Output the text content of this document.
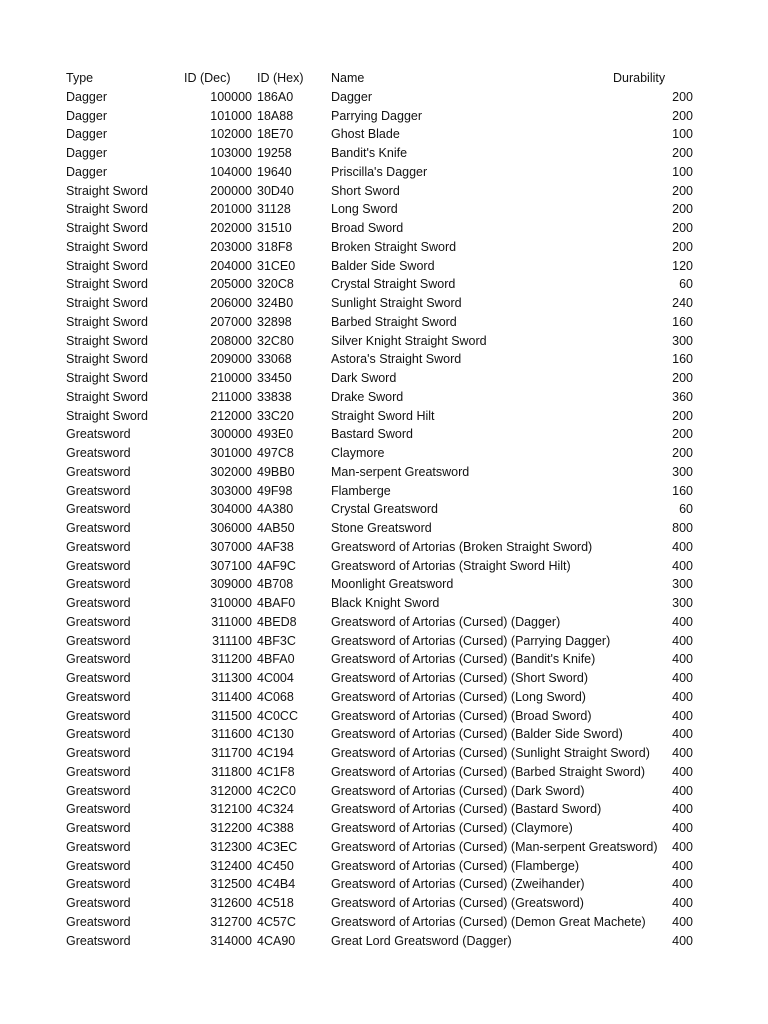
Type	ID (Dec)	ID (Hex)	Name	Durability
Dagger	100000 186A0	Dagger	200
Dagger	101000 18A88	Parrying Dagger	200
Dagger	102000 18E70	Ghost Blade	100
Dagger	103000 19258	Bandit's Knife	200
Dagger	104000 19640	Priscilla's Dagger	100
Straight Sword	200000 30D40	Short Sword	200
Straight Sword	201000 31128	Long Sword	200
Straight Sword	202000 31510	Broad Sword	200
Straight Sword	203000 318F8	Broken Straight Sword	200
Straight Sword	204000 31CE0	Balder Side Sword	120
Straight Sword	205000 320C8	Crystal Straight Sword	60
Straight Sword	206000 324B0	Sunlight Straight Sword	240
Straight Sword	207000 32898	Barbed Straight Sword	160
Straight Sword	208000 32C80	Silver Knight Straight Sword	300
Straight Sword	209000 33068	Astora's Straight Sword	160
Straight Sword	210000 33450	Dark Sword	200
Straight Sword	211000 33838	Drake Sword	360
Straight Sword	212000 33C20	Straight Sword Hilt	200
Greatsword	300000 493E0	Bastard Sword	200
Greatsword	301000 497C8	Claymore	200
Greatsword	302000 49BB0	Man-serpent Greatsword	300
Greatsword	303000 49F98	Flamberge	160
Greatsword	304000 4A380	Crystal Greatsword	60
Greatsword	306000 4AB50	Stone Greatsword	800
Greatsword	307000 4AF38	Greatsword of Artorias (Broken Straight Sword)	400
Greatsword	307100 4AF9C	Greatsword of Artorias (Straight Sword Hilt)	400
Greatsword	309000 4B708	Moonlight Greatsword	300
Greatsword	310000 4BAF0	Black Knight Sword	300
Greatsword	311000 4BED8	Greatsword of Artorias (Cursed) (Dagger)	400
Greatsword	311100 4BF3C	Greatsword of Artorias (Cursed) (Parrying Dagger)	400
Greatsword	311200 4BFA0	Greatsword of Artorias (Cursed) (Bandit's Knife)	400
Greatsword	311300 4C004	Greatsword of Artorias (Cursed) (Short Sword)	400
Greatsword	311400 4C068	Greatsword of Artorias (Cursed) (Long Sword)	400
Greatsword	311500 4C0CC	Greatsword of Artorias (Cursed) (Broad Sword)	400
Greatsword	311600 4C130	Greatsword of Artorias (Cursed) (Balder Side Sword)	400
Greatsword	311700 4C194	Greatsword of Artorias (Cursed) (Sunlight Straight Sword)	400
Greatsword	311800 4C1F8	Greatsword of Artorias (Cursed) (Barbed Straight Sword)	400
Greatsword	312000 4C2C0	Greatsword of Artorias (Cursed) (Dark Sword)	400
Greatsword	312100 4C324	Greatsword of Artorias (Cursed) (Bastard Sword)	400
Greatsword	312200 4C388	Greatsword of Artorias (Cursed) (Claymore)	400
Greatsword	312300 4C3EC	Greatsword of Artorias (Cursed) (Man-serpent Greatsword)	400
Greatsword	312400 4C450	Greatsword of Artorias (Cursed) (Flamberge)	400
Greatsword	312500 4C4B4	Greatsword of Artorias (Cursed) (Zweihander)	400
Greatsword	312600 4C518	Greatsword of Artorias (Cursed) (Greatsword)	400
Greatsword	312700 4C57C	Greatsword of Artorias (Cursed) (Demon Great Machete)	400
Greatsword	314000 4CA90	Great Lord Greatsword (Dagger)	400
